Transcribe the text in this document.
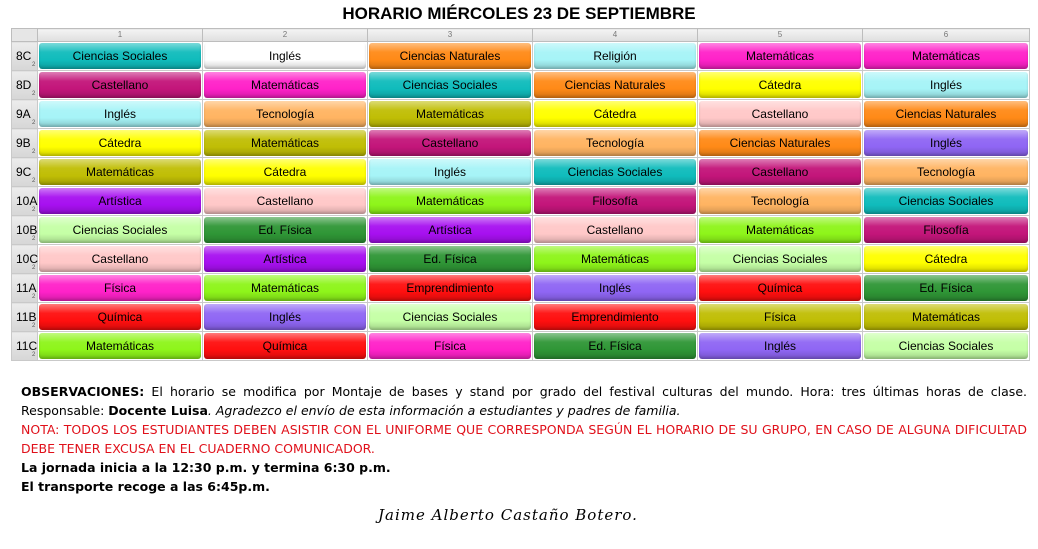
HORARIO MIÉRCOLES 23 DE SEPTIEMBRE
	1	2	3	4	5	6
8C
2	Ciencias Sociales	Inglés	Ciencias Naturales	Religión	Matemáticas	Matemáticas

8D
2	Castellano	Matemáticas	Ciencias Sociales	Ciencias Naturales	Cátedra	Inglés

9A
2	Inglés	Tecnología	Matemáticas	Cátedra	Castellano	Ciencias Naturales

9B
2	Cátedra	Matemáticas	Castellano	Tecnología	Ciencias Naturales	Inglés

9C
2	Matemáticas	Cátedra	Inglés	Ciencias Sociales	Castellano	Tecnología

10A
2	Artística	Castellano	Matemáticas	Filosofía	Tecnología	Ciencias Sociales

10B
2	Ciencias Sociales	Ed. Física	Artística	Castellano	Matemáticas	Filosofía

10C
2	Castellano	Artística	Ed. Física	Matemáticas	Ciencias Sociales	Cátedra

11A
2	Física	Matemáticas	Emprendimiento	Inglés	Química	Ed. Física

11B
2	Química	Inglés	Ciencias Sociales	Emprendimiento	Física	Matemáticas

11C
2	Matemáticas	Química	Física	Ed. Física	Inglés	Ciencias Sociales

OBSERVACIONES: El horario se modifica por Montaje de bases y stand por grado del festival culturas del mundo. Hora: tres últimas horas de clase. Responsable: Docente Luisa. Agradezco el envío de esta información a estudiantes y padres de familia.

NOTA: TODOS LOS ESTUDIANTES DEBEN ASISTIR CON EL UNIFORME QUE CORRESPONDA SEGÚN EL HORARIO DE SU GRUPO, EN CASO DE ALGUNA DIFICULTAD DEBE TENER EXCUSA EN EL CUADERNO COMUNICADOR.

La jornada inicia a la 12:30 p.m. y termina 6:30 p.m.

El transporte recoge a las 6:45p.m.

Jaime Alberto Castaño Botero.
